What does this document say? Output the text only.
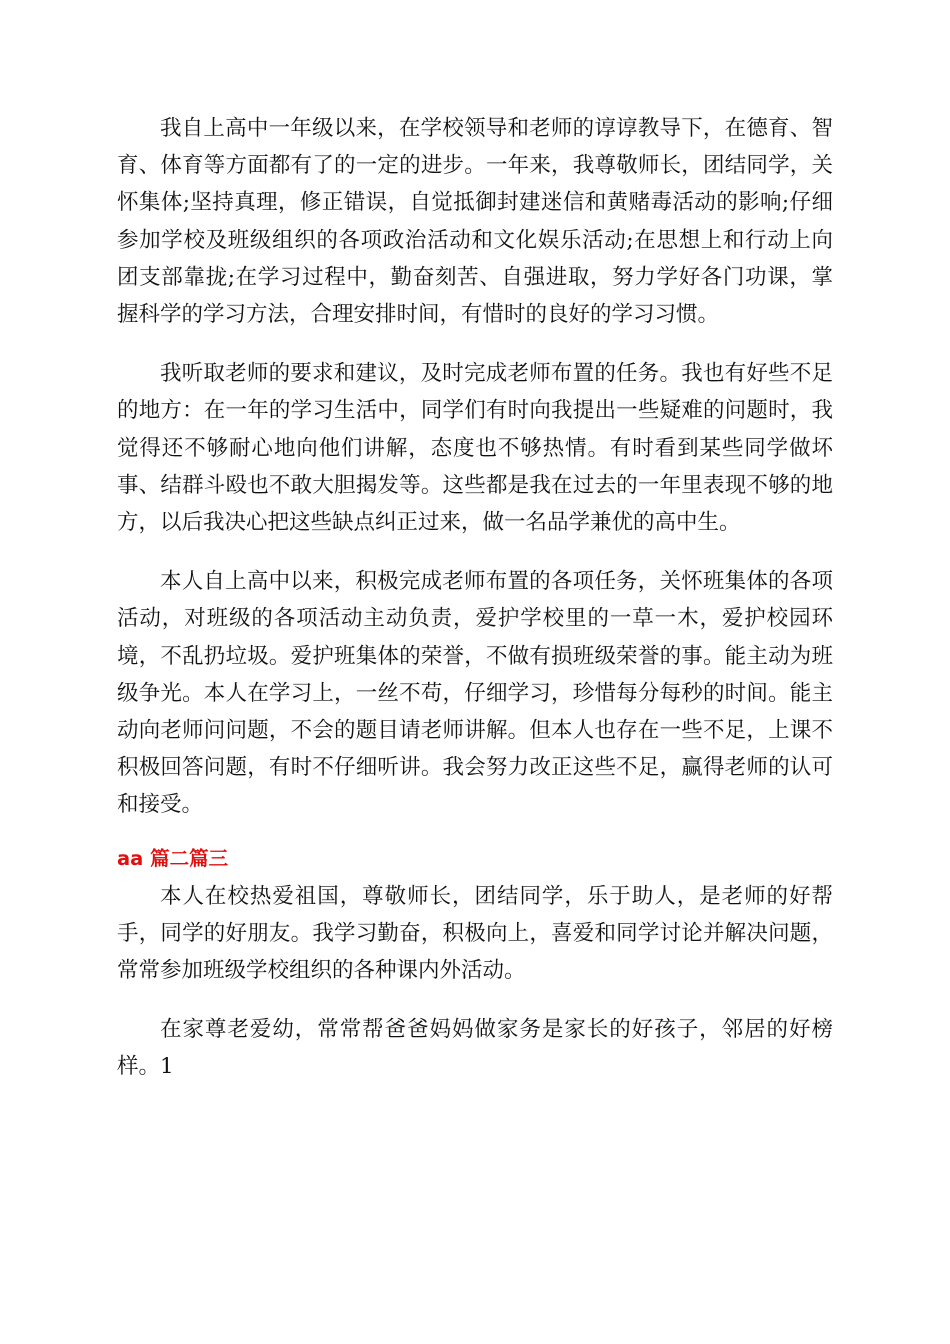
我自上高中一年级以来，在学校领导和老师的谆谆教导下，在德育、智育、体育等方面都有了的一定的进步。一年来，我尊敬师长，团结同学，关怀集体;坚持真理，修正错误，自觉抵御封建迷信和黄赌毒活动的影响;仔细参加学校及班级组织的各项政治活动和文化娱乐活动;在思想上和行动上向团支部靠拢;在学习过程中，勤奋刻苦、自强进取，努力学好各门功课，掌握科学的学习方法，合理安排时间，有惜时的良好的学习习惯。

我听取老师的要求和建议，及时完成老师布置的任务。我也有好些不足的地方：在一年的学习生活中，同学们有时向我提出一些疑难的问题时，我觉得还不够耐心地向他们讲解，态度也不够热情。有时看到某些同学做坏事、结群斗殴也不敢大胆揭发等。这些都是我在过去的一年里表现不够的地方，以后我决心把这些缺点纠正过来，做一名品学兼优的高中生。

本人自上高中以来，积极完成老师布置的各项任务，关怀班集体的各项活动，对班级的各项活动主动负责，爱护学校里的一草一木，爱护校园环境，不乱扔垃圾。爱护班集体的荣誉，不做有损班级荣誉的事。能主动为班级争光。本人在学习上，一丝不苟，仔细学习，珍惜每分每秒的时间。能主动向老师问问题，不会的题目请老师讲解。但本人也存在一些不足，上课不积极回答问题，有时不仔细听讲。我会努力改正这些不足，赢得老师的认可和接受。

aa 篇二篇三

本人在校热爱祖国，尊敬师长，团结同学，乐于助人，是老师的好帮手，同学的好朋友。我学习勤奋，积极向上，喜爱和同学讨论并解决问题，常常参加班级学校组织的各种课内外活动。

在家尊老爱幼，常常帮爸爸妈妈做家务是家长的好孩子，邻居的好榜样。1
